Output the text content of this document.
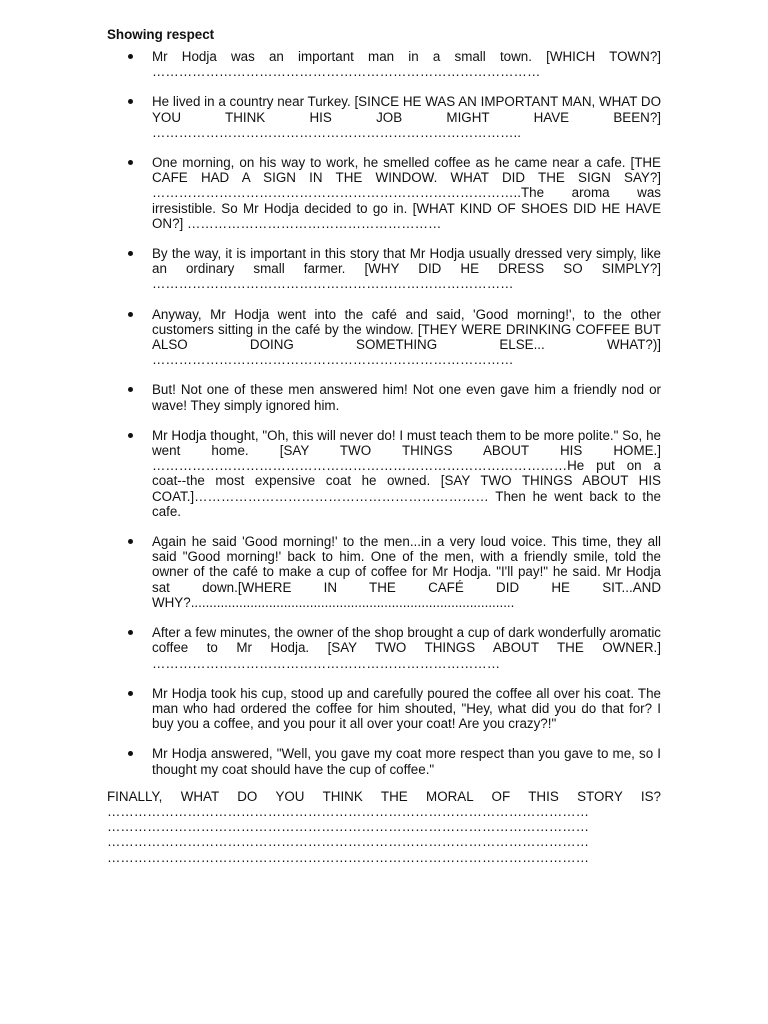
Showing respect
Mr Hodja was an important man in a small town. [WHICH TOWN?] ……………………………………………………………………………
He lived in a country near Turkey. [SINCE HE WAS AN IMPORTANT MAN, WHAT DO YOU THINK HIS JOB MIGHT HAVE BEEN?] ………………………………………………………………………..
One morning, on his way to work, he smelled coffee as he came near a cafe. [THE CAFE HAD A SIGN IN THE WINDOW. WHAT DID THE SIGN SAY?] ………………………………………………………………………..The aroma was irresistible. So Mr Hodja decided to go in. [WHAT KIND OF SHOES DID HE HAVE ON?] …………………………………………………
By the way, it is important in this story that Mr Hodja usually dressed very simply, like an ordinary small farmer. [WHY DID HE DRESS SO SIMPLY?] ………………………………………………………………………
Anyway, Mr Hodja went into the café and said, 'Good morning!', to the other customers sitting in the café by the window. [THEY WERE DRINKING COFFEE BUT ALSO DOING SOMETHING ELSE... WHAT?)] ………………………………………………………………………
But! Not one of these men answered him! Not one even gave him a friendly nod or wave! They simply ignored him.
Mr Hodja thought, "Oh, this will never do! I must teach them to be more polite." So, he went home. [SAY TWO THINGS ABOUT HIS HOME.] …………………………………………………………………………………He put on a coat--the most expensive coat he owned. [SAY TWO THINGS ABOUT HIS COAT.]………………………………………………………… Then he went back to the cafe.
Again he said 'Good morning!' to the men...in a very loud voice. This time, they all said "Good morning!' back to him. One of the men, with a friendly smile, told the owner of the café to make a cup of coffee for Mr Hodja. "I'll pay!" he said. Mr Hodja sat down.[WHERE IN THE CAFÉ DID HE SIT...AND WHY?.......................................................................................
After a few minutes, the owner of the shop brought a cup of dark wonderfully aromatic coffee to Mr Hodja. [SAY TWO THINGS ABOUT THE OWNER.] ……………………………………………………………………
Mr Hodja took his cup, stood up and carefully poured the coffee all over his coat. The man who had ordered the coffee for him shouted, "Hey, what did you do that for? I buy you a coffee, and you pour it all over your coat! Are you crazy?!"
Mr Hodja answered, "Well, you gave my coat more respect than you gave to me, so I thought my coat should have the cup of coffee."
FINALLY, WHAT DO YOU THINK THE MORAL OF THIS STORY IS? ……………………………………………………………………………………………… ……………………………………………………………………………………………… ……………………………………………………………………………………………… ………………………………………………………………………………………………
